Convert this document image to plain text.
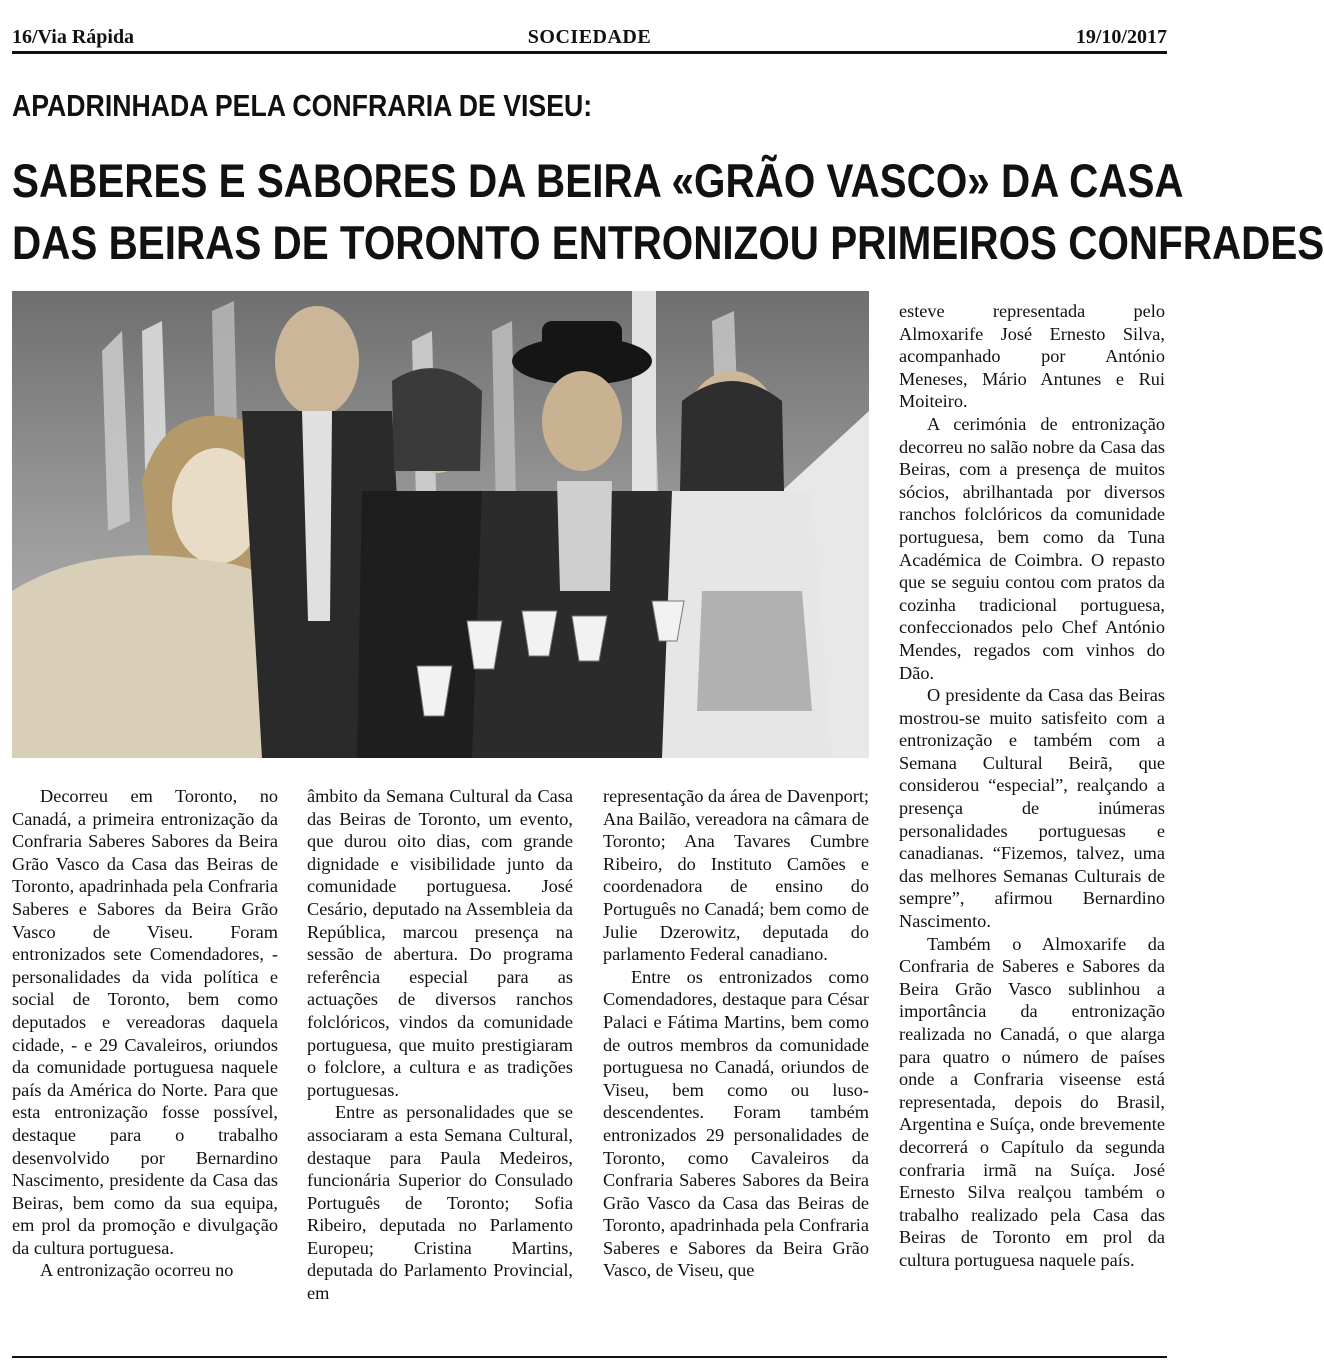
16/Via Rápida	SOCIEDADE	19/10/2017
APADRINHADA PELA CONFRARIA DE VISEU:
SABERES E SABORES DA BEIRA «GRÃO VASCO» DA CASA
DAS BEIRAS DE TORONTO ENTRONIZOU PRIMEIROS CONFRADES

Decorreu em Toronto, no Canadá, a primeira entronização da Confraria Saberes Sabores da Beira Grão Vasco da Casa das Beiras de Toronto, apadrinhada pela Confraria Saberes e Sabores da Beira Grão Vasco de Viseu. Foram entronizados sete Comendadores, - personalidades da vida política e social de Toronto, bem como deputados e vereadoras daquela cidade, - e 29 Cavaleiros, oriundos da comunidade portuguesa naquele país da América do Norte. Para que esta entronização fosse possível, destaque para o trabalho desenvolvido por Bernardino Nascimento, presidente da Casa das Beiras, bem como da sua equipa, em prol da promoção e divulgação da cultura portuguesa.

A entronização ocorreu no

âmbito da Semana Cultural da Casa das Beiras de Toronto, um evento, que durou oito dias, com grande dignidade e visibilidade junto da comunidade portuguesa. José Cesário, deputado na Assembleia da República, marcou presença na sessão de abertura. Do programa referência especial para as actuações de diversos ranchos folclóricos, vindos da comunidade portuguesa, que muito prestigiaram o folclore, a cultura e as tradições portuguesas.

Entre as personalidades que se associaram a esta Semana Cultural, destaque para Paula Medeiros, funcionária Superior do Consulado Português de Toronto; Sofia Ribeiro, deputada no Parlamento Europeu; Cristina Martins, deputada do Parlamento Provincial, em

representação da área de Davenport; Ana Bailão, vereadora na câmara de Toronto; Ana Tavares Cumbre Ribeiro, do Instituto Camões e coordenadora de ensino do Português no Canadá; bem como de Julie Dzerowitz, deputada do parlamento Federal canadiano.

Entre os entronizados como Comendadores, destaque para César Palaci e Fátima Martins, bem como de outros membros da comunidade portuguesa no Canadá, oriundos de Viseu, bem como ou luso-descendentes. Foram também entronizados 29 personalidades de Toronto, como Cavaleiros da Confraria Saberes Sabores da Beira Grão Vasco da Casa das Beiras de Toronto, apadrinhada pela Confraria Saberes e Sabores da Beira Grão Vasco, de Viseu, que

esteve representada pelo Almoxarife José Ernesto Silva, acompanhado por António Meneses, Mário Antunes e Rui Moiteiro.

A cerimónia de entronização decorreu no salão nobre da Casa das Beiras, com a presença de muitos sócios, abrilhantada por diversos ranchos folclóricos da comunidade portuguesa, bem como da Tuna Académica de Coimbra. O repasto que se seguiu contou com pratos da cozinha tradicional portuguesa, confeccionados pelo Chef António Mendes, regados com vinhos do Dão.

O presidente da Casa das Beiras mostrou-se muito satisfeito com a entronização e também com a Semana Cultural Beirã, que considerou “especial”, realçando a presença de inúmeras personalidades portuguesas e canadianas. “Fizemos, talvez, uma das melhores Semanas Culturais de sempre”, afirmou Bernardino Nascimento.

Também o Almoxarife da Confraria de Saberes e Sabores da Beira Grão Vasco sublinhou a importância da entronização realizada no Canadá, o que alarga para quatro o número de países onde a Confraria viseense está representada, depois do Brasil, Argentina e Suíça, onde brevemente decorrerá o Capítulo da segunda confraria irmã na Suíça. José Ernesto Silva realçou também o trabalho realizado pela Casa das Beiras de Toronto em prol da cultura portuguesa naquele país.
